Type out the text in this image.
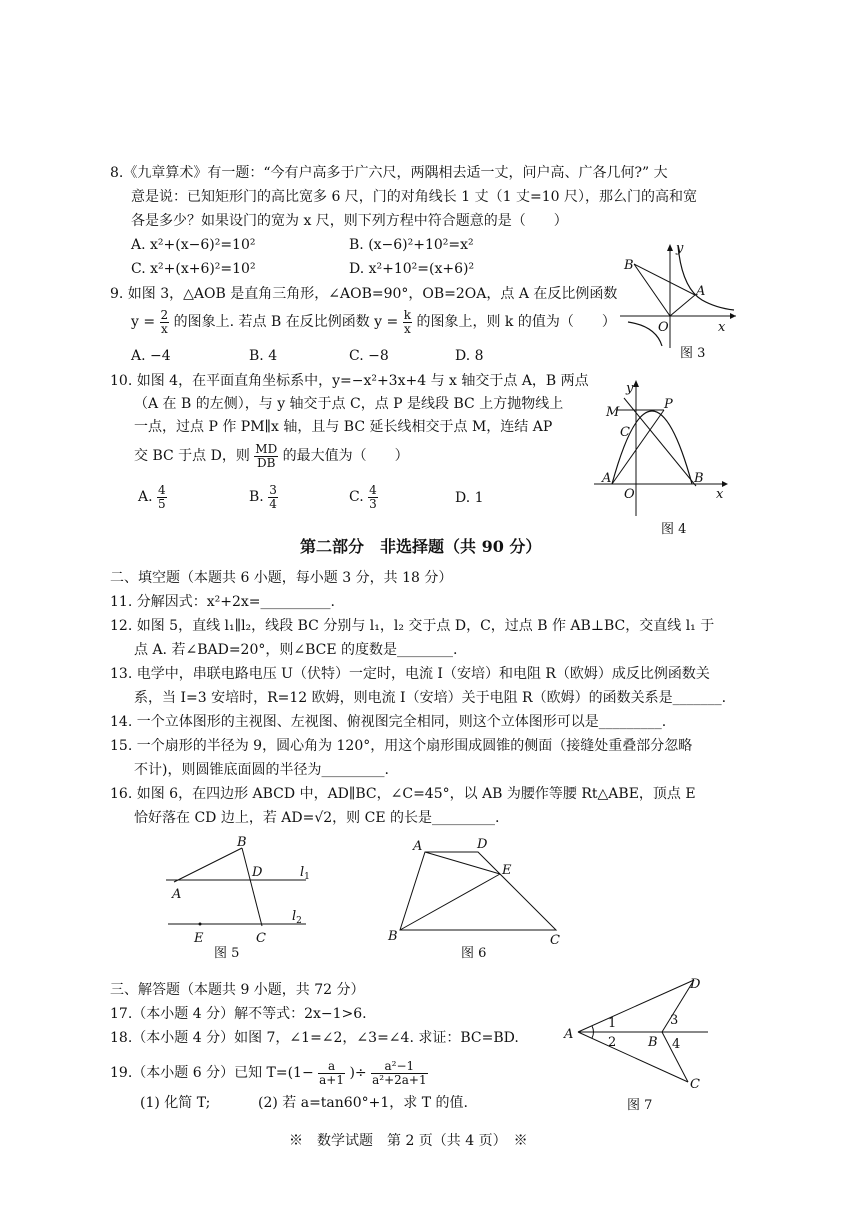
8.《九章算术》有一题：“今有户高多于广六尺，两隅相去适一丈，问户高、广各几何?” 大
意是说：已知矩形门的高比宽多 6 尺，门的对角线长 1 丈（1 丈=10 尺），那么门的高和宽
各是多少？如果设门的宽为 x 尺，则下列方程中符合题意的是（　　）
A. x²+(x−6)²=10²	B. (x−6)²+10²=x²
C. x²+(x+6)²=10²	D. x²+10²=(x+6)²
9. 如图 3，△AOB 是直角三角形，∠AOB=90°，OB=2OA，点 A 在反比例函数
$y = \frac{2}{x}$ 的图象上. 若点 B 在反比例函数 $y = \frac{k}{x}$ 的图象上，则 k 的值为（　　）
A. −4	B. 4	C. −8	D. 8
B
A
O	x
y
图 3
10. 如图 4，在平面直角坐标系中，y=−x²+3x+4 与 x 轴交于点 A，B 两点
（A 在 B 的左侧），与 y 轴交于点 C，点 P 是线段 BC 上方抛物线上
一点，过点 P 作 PM∥x 轴，且与 BC 延长线相交于点 M，连结 AP
交 BC 于点 D，则 $\frac{MD}{DB}$ 的最大值为（　　）
A. $\frac{4}{5}$	B. $\frac{3}{4}$	C. $\frac{4}{3}$	D. 1
M
P
C
A
O
B
x
y
图 4
第二部分　非选择题（共 90 分）
二、填空题（本题共 6 小题，每小题 3 分，共 18 分）
11. 分解因式：x²+2x=__________.
12. 如图 5，直线 l₁∥l₂，线段 BC 分别与 l₁，l₂ 交于点 D，C，过点 B 作 AB⊥BC，交直线 l₁ 于
点 A. 若∠BAD=20°，则∠BCE 的度数是________.
13. 电学中，串联电路电压 U（伏特）一定时，电流 I（安培）和电阻 R（欧姆）成反比例函数关
系，当 I=3 安培时，R=12 欧姆，则电流 I（安培）关于电阻 R（欧姆）的函数关系是_______.
14. 一个立体图形的主视图、左视图、俯视图完全相同，则这个立体图形可以是_________.
15. 一个扇形的半径为 9，圆心角为 120°，用这个扇形围成圆锥的侧面（接缝处重叠部分忽略
不计)，则圆锥底面圆的半径为_________.
16. 如图 6，在四边形 ABCD 中，AD∥BC，∠C=45°，以 AB 为腰作等腰 Rt△ABE，顶点 E
恰好落在 CD 边上，若 AD=√2，则 CE 的长是_________.
B
D
A
$l_1$
$l_2$
E	C
图 5
A	D
E
B	C
图 6
三、解答题（本题共 9 小题，共 72 分）
17.（本小题 4 分）解不等式：2x−1>6.
18.（本小题 4 分）如图 7，∠1=∠2，∠3=∠4. 求证：BC=BD.
19.（本小题 6 分）已知 $T=(1- \frac{a}{a+1}$ )÷ $\frac{\text{a²−1}}{\text{a²+2a+1}}$
(1) 化简 T;	(2) 若 a=tan60°+1，求 T 的值.
A
1
2
3
4
B
D
C
图 7
※　数学试题　第 2 页（共 4 页）　※
